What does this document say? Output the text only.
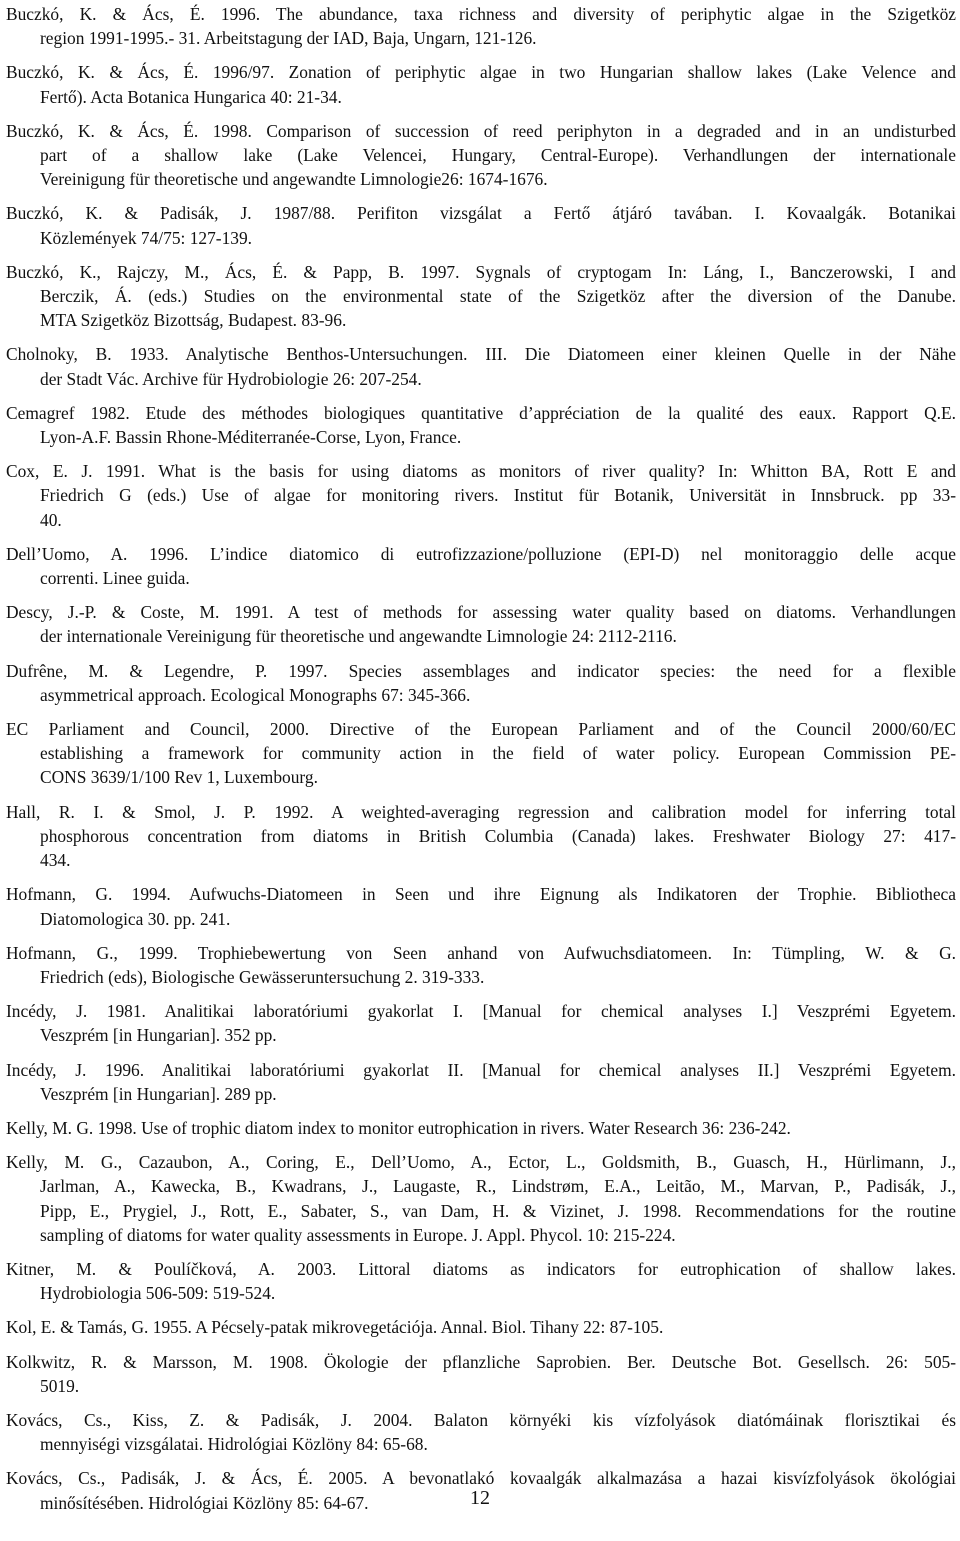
Buczkó, K. & Ács, É. 1996. The abundance, taxa richness and diversity of periphytic algae in the Szigetköz
region 1991-1995.- 31. Arbeitstagung der IAD, Baja, Ungarn, 121-126.
Buczkó, K. & Ács, É. 1996/97. Zonation of periphytic algae in two Hungarian shallow lakes (Lake Velence and
Fertő). Acta Botanica Hungarica 40: 21-34.
Buczkó, K. & Ács, É. 1998. Comparison of succession of reed periphyton in a degraded and in an undisturbed
part of a shallow lake (Lake Velencei, Hungary, Central-Europe). Verhandlungen der internationale
Vereinigung für theoretische und angewandte Limnologie26: 1674-1676.
Buczkó, K. & Padisák, J. 1987/88. Perifiton vizsgálat a Fertő átjáró tavában. I. Kovaalgák. Botanikai
Közlemények 74/75: 127-139.
Buczkó, K., Rajczy, M., Ács, É. & Papp, B. 1997. Sygnals of cryptogam In: Láng, I., Banczerowski, I and
Berczik, Á. (eds.) Studies on the environmental state of the Szigetköz after the diversion of the Danube.
MTA Szigetköz Bizottság, Budapest. 83-96.
Cholnoky, B. 1933. Analytische Benthos-Untersuchungen. III. Die Diatomeen einer kleinen Quelle in der Nähe
der Stadt Vác. Archive für Hydrobiologie 26: 207-254.
Cemagref 1982. Etude des méthodes biologiques quantitative d’appréciation de la qualité des eaux. Rapport Q.E.
Lyon-A.F. Bassin Rhone-Méditerranée-Corse, Lyon, France.
Cox, E. J. 1991. What is the basis for using diatoms as monitors of river quality? In: Whitton BA, Rott E and
Friedrich G (eds.) Use of algae for monitoring rivers. Institut für Botanik, Universität in Innsbruck. pp 33-
40.
Dell’Uomo, A. 1996. L’indice diatomico di eutrofizzazione/polluzione (EPI-D) nel monitoraggio delle acque
correnti. Linee guida.
Descy, J.-P. & Coste, M. 1991. A test of methods for assessing water quality based on diatoms. Verhandlungen
der internationale Vereinigung für theoretische und angewandte Limnologie 24: 2112-2116.
Dufrêne, M. & Legendre, P. 1997. Species assemblages and indicator species: the need for a flexible
asymmetrical approach. Ecological Monographs 67: 345-366.
EC Parliament and Council, 2000. Directive of the European Parliament and of the Council 2000/60/EC
establishing a framework for community action in the field of water policy. European Commission PE-
CONS 3639/1/100 Rev 1, Luxembourg.
Hall, R. I. & Smol, J. P. 1992. A weighted-averaging regression and calibration model for inferring total
phosphorous concentration from diatoms in British Columbia (Canada) lakes. Freshwater Biology 27: 417-
434.
Hofmann, G. 1994. Aufwuchs-Diatomeen in Seen und ihre Eignung als Indikatoren der Trophie. Bibliotheca
Diatomologica 30. pp. 241.
Hofmann, G., 1999. Trophiebewertung von Seen anhand von Aufwuchsdiatomeen. In: Tümpling, W. & G.
Friedrich (eds), Biologische Gewässeruntersuchung 2. 319-333.
Incédy, J. 1981. Analitikai laboratóriumi gyakorlat I. [Manual for chemical analyses I.] Veszprémi Egyetem.
Veszprém [in Hungarian]. 352 pp.
Incédy, J. 1996. Analitikai laboratóriumi gyakorlat II. [Manual for chemical analyses II.] Veszprémi Egyetem.
Veszprém [in Hungarian]. 289 pp.
Kelly, M. G. 1998. Use of trophic diatom index to monitor eutrophication in rivers. Water Research 36: 236-242.
Kelly, M. G., Cazaubon, A., Coring, E., Dell’Uomo, A., Ector, L., Goldsmith, B., Guasch, H., Hürlimann, J.,
Jarlman, A., Kawecka, B., Kwadrans, J., Laugaste, R., Lindstrøm, E.A., Leitão, M., Marvan, P., Padisák, J.,
Pipp, E., Prygiel, J., Rott, E., Sabater, S., van Dam, H. & Vizinet, J. 1998. Recommendations for the routine
sampling of diatoms for water quality assessments in Europe. J. Appl. Phycol. 10: 215-224.
Kitner, M. & Poulíčková, A. 2003. Littoral diatoms as indicators for eutrophication of shallow lakes.
Hydrobiologia 506-509: 519-524.
Kol, E. & Tamás, G. 1955. A Pécsely-patak mikrovegetációja. Annal. Biol. Tihany 22: 87-105.
Kolkwitz, R. & Marsson, M. 1908. Ökologie der pflanzliche Saprobien. Ber. Deutsche Bot. Gesellsch. 26: 505-
5019.
Kovács, Cs., Kiss, Z. & Padisák, J. 2004. Balaton környéki kis vízfolyások diatómáinak florisztikai és
mennyiségi vizsgálatai. Hidrológiai Közlöny 84: 65-68.
Kovács, Cs., Padisák, J. & Ács, É. 2005. A bevonatlakó kovaalgák alkalmazása a hazai kisvízfolyások ökológiai
minősítésében. Hidrológiai Közlöny 85: 64-67.	12
